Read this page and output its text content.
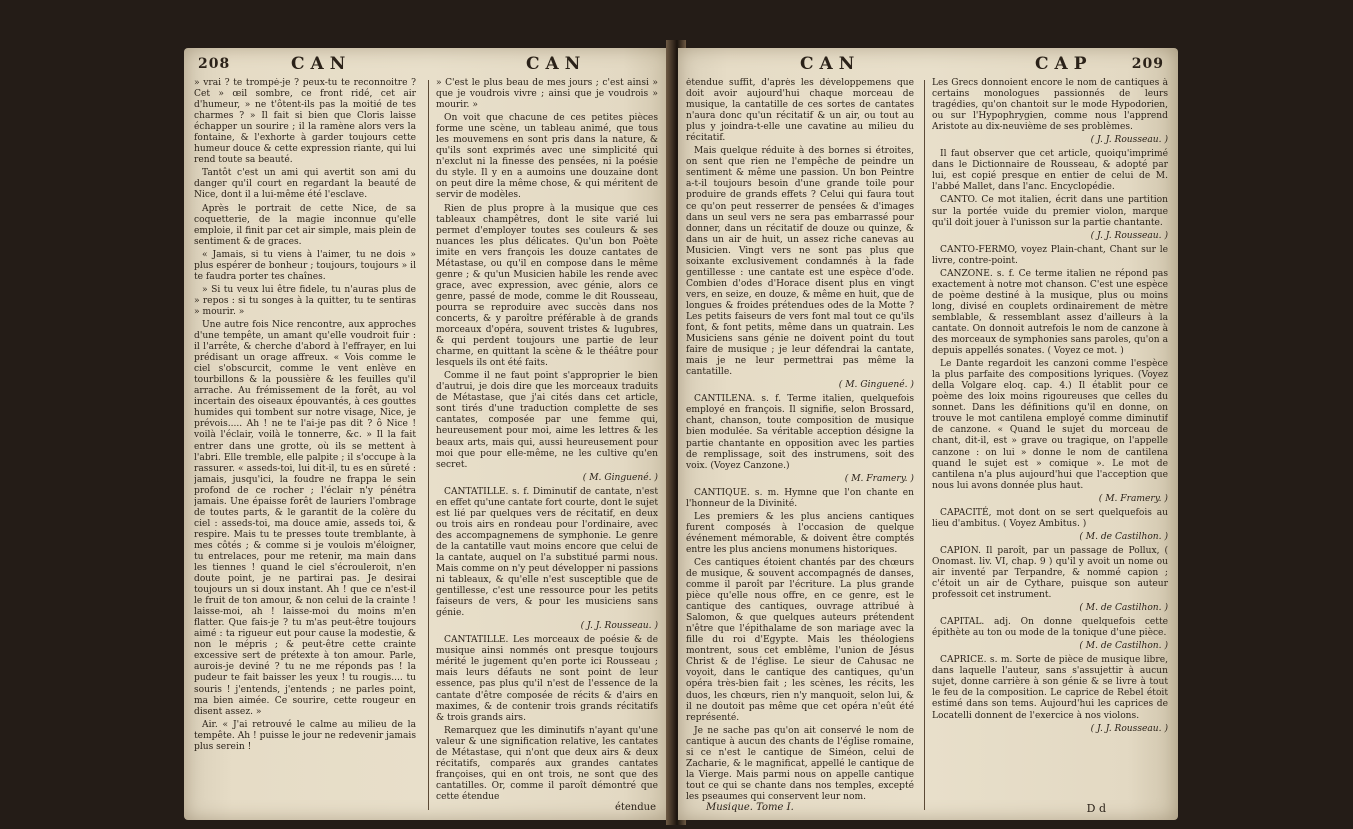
208	CAN	CAN

» vrai ? te trompé-je ? peux-tu te reconnoitre ? Cet » œil sombre, ce front ridé, cet air d'humeur, » ne t'ôtent-ils pas la moitié de tes charmes ? » Il fait si bien que Cloris laisse échapper un sourire ; il la ramène alors vers la fontaine, & l'exhorte à garder toujours cette humeur douce & cette expression riante, qui lui rend toute sa beauté.

Tantôt c'est un ami qui avertit son ami du danger qu'il court en regardant la beauté de Nice, dont il a lui-même été l'esclave.

Après le portrait de cette Nice, de sa coquetterie, de la magie inconnue qu'elle emploie, il finit par cet air simple, mais plein de sentiment & de graces.

« Jamais, si tu viens à l'aimer, tu ne dois » plus espérer de bonheur ; toujours, toujours » il te faudra porter tes chaînes.

» Si tu veux lui être fidele, tu n'auras plus de » repos : si tu songes à la quitter, tu te sentiras » mourir. »

Une autre fois Nice rencontre, aux approches d'une tempête, un amant qu'elle voudroit fuir : il l'arrête, & cherche d'abord à l'effrayer, en lui prédisant un orage affreux. « Vois comme le ciel s'obscurcit, comme le vent enlève en tourbillons & la poussière & les feuilles qu'il arrache. Au frémissement de la forêt, au vol incertain des oiseaux épouvantés, à ces gouttes humides qui tombent sur notre visage, Nice, je prévois..... Ah ! ne te l'ai-je pas dit ? ô Nice ! voilà l'éclair, voilà le tonnerre, &c. » Il la fait entrer dans une grotte, où ils se mettent à l'abri. Elle tremble, elle palpite ; il s'occupe à la rassurer. « asseds-toi, lui dit-il, tu es en sûreté : jamais, jusqu'ici, la foudre ne frappa le sein profond de ce rocher ; l'éclair n'y pénétra jamais. Une épaisse forêt de lauriers l'ombrage de toutes parts, & le garantit de la colère du ciel : asseds-toi, ma douce amie, asseds toi, & respire. Mais tu te presses toute tremblante, à mes côtés ; & comme si je voulois m'éloigner, tu entrelaces, pour me retenir, ma main dans les tiennes ! quand le ciel s'écrouleroit, n'en doute point, je ne partirai pas. Je desirai toujours un si doux instant. Ah ! que ce n'est-il le fruit de ton amour, & non celui de la crainte ! laisse-moi, ah ! laisse-moi du moins m'en flatter. Que fais-je ? tu m'as peut-être toujours aimé : ta rigueur eut pour cause la modestie, & non le mépris ; & peut-être cette crainte excessive sert de prétexte à ton amour. Parle, aurois-je deviné ? tu ne me réponds pas ! la pudeur te fait baisser les yeux ! tu rougis.... tu souris ! j'entends, j'entends ; ne parles point, ma bien aimée. Ce sourire, cette rougeur en disent assez. »

Air. « J'ai retrouvé le calme au milieu de la tempête. Ah ! puisse le jour ne redevenir jamais plus serein !

» C'est le plus beau de mes jours ; c'est ainsi » que je voudrois vivre ; ainsi que je voudrois » mourir. »

On voit que chacune de ces petites pièces forme une scène, un tableau animé, que tous les mouvemens en sont pris dans la nature, & qu'ils sont exprimés avec une simplicité qui n'exclut ni la finesse des pensées, ni la poésie du style. Il y en a aumoins une douzaine dont on peut dire la même chose, & qui méritent de servir de modèles.

Rien de plus propre à la musique que ces tableaux champêtres, dont le site varié lui permet d'employer toutes ses couleurs & ses nuances les plus délicates. Qu'un bon Poète imite en vers françois les douze cantates de Métastase, ou qu'il en compose dans le même genre ; & qu'un Musicien habile les rende avec grace, avec expression, avec génie, alors ce genre, passé de mode, comme le dit Rousseau, pourra se reproduire avec succès dans nos concerts, & y paroître préférable à de grands morceaux d'opéra, souvent tristes & lugubres, & qui perdent toujours une partie de leur charme, en quittant la scène & le théâtre pour lesquels ils ont été faits.

Comme il ne faut point s'approprier le bien d'autrui, je dois dire que les morceaux traduits de Métastase, que j'ai cités dans cet article, sont tirés d'une traduction complette de ses cantates, composée par une femme qui, heureusement pour moi, aime les lettres & les beaux arts, mais qui, aussi heureusement pour moi que pour elle-même, ne les cultive qu'en secret.

( M. Ginguené. )

CANTATILLE. s. f. Diminutif de cantate, n'est en effet qu'une cantate fort courte, dont le sujet est lié par quelques vers de récitatif, en deux ou trois airs en rondeau pour l'ordinaire, avec des accompagnemens de symphonie. Le genre de la cantatille vaut moins encore que celui de la cantate, auquel on l'a substitué parmi nous. Mais comme on n'y peut développer ni passions ni tableaux, & qu'elle n'est susceptible que de gentillesse, c'est une ressource pour les petits faiseurs de vers, & pour les musiciens sans génie.

( J. J. Rousseau. )

CANTATILLE. Les morceaux de poésie & de musique ainsi nommés ont presque toujours mérité le jugement qu'en porte ici Rousseau ; mais leurs défauts ne sont point de leur essence, pas plus qu'il n'est de l'essence de la cantate d'être composée de récits & d'airs en maximes, & de contenir trois grands récitatifs & trois grands airs.

Remarquez que les diminutifs n'ayant qu'une valeur & une signification relative, les cantates de Métastase, qui n'ont que deux airs & deux récitatifs, comparés aux grandes cantates françoises, qui en ont trois, ne sont que des cantatilles. Or, comme il paroît démontré que cette étendue

étendue
CAN	CAP	209

étendue suffit, d'après les développemens que doit avoir aujourd'hui chaque morceau de musique, la cantatille de ces sortes de cantates n'aura donc qu'un récitatif & un air, ou tout au plus y joindra-t-elle une cavatine au milieu du récitatif.

Mais quelque réduite à des bornes si étroites, on sent que rien ne l'empêche de peindre un sentiment & même une passion. Un bon Peintre a-t-il toujours besoin d'une grande toile pour produire de grands effets ? Celui qui faura tout ce qu'on peut resserrer de pensées & d'images dans un seul vers ne sera pas embarrassé pour donner, dans un récitatif de douze ou quinze, & dans un air de huit, un assez riche canevas au Musicien. Vingt vers ne sont pas plus que soixante exclusivement condamnés à la fade gentillesse : une cantate est une espèce d'ode. Combien d'odes d'Horace disent plus en vingt vers, en seize, en douze, & même en huit, que de longues & froides prétendues odes de la Motte ? Les petits faiseurs de vers font mal tout ce qu'ils font, & font petits, même dans un quatrain. Les Musiciens sans génie ne doivent point du tout faire de musique ; je leur défendrai la cantate, mais je ne leur permettrai pas même la cantatille.

( M. Ginguené. )

CANTILENA. s. f. Terme italien, quelquefois employé en françois. Il signifie, selon Brossard, chant, chanson, toute composition de musique bien modulée. Sa véritable acception désigne la partie chantante en opposition avec les parties de remplissage, soit des instrumens, soit des voix. (Voyez Canzone.)

( M. Framery. )

CANTIQUE. s. m. Hymne que l'on chante en l'honneur de la Divinité.

Les premiers & les plus anciens cantiques furent composés à l'occasion de quelque événement mémorable, & doivent être comptés entre les plus anciens monumens historiques.

Ces cantiques étoient chantés par des chœurs de musique, & souvent accompagnés de danses, comme il paroît par l'écriture. La plus grande pièce qu'elle nous offre, en ce genre, est le cantique des cantiques, ouvrage attribué à Salomon, & que quelques auteurs prétendent n'être que l'épithalame de son mariage avec la fille du roi d'Egypte. Mais les théologiens montrent, sous cet emblême, l'union de Jésus Christ & de l'église. Le sieur de Cahusac ne voyoit, dans le cantique des cantiques, qu'un opéra très-bien fait ; les scènes, les récits, les duos, les chœurs, rien n'y manquoit, selon lui, & il ne doutoit pas même que cet opéra n'eût été représenté.

Je ne sache pas qu'on ait conservé le nom de cantique à aucun des chants de l'église romaine, si ce n'est le cantique de Siméon, celui de Zacharie, & le magnificat, appellé le cantique de la Vierge. Mais parmi nous on appelle cantique tout ce qui se chante dans nos temples, excepté les pseaumes qui conservent leur nom.

Les Grecs donnoient encore le nom de cantiques à certains monologues passionnés de leurs tragédies, qu'on chantoit sur le mode Hypodorien, ou sur l'Hypophrygien, comme nous l'apprend Aristote au dix-neuvième de ses problèmes.

( J. J. Rousseau. )

Il faut observer que cet article, quoiqu'imprimé dans le Dictionnaire de Rousseau, & adopté par lui, est copié presque en entier de celui de M. l'abbé Mallet, dans l'anc. Encyclopédie.

CANTO. Ce mot italien, écrit dans une partition sur la portée vuide du premier violon, marque qu'il doit jouer à l'unisson sur la partie chantante.

( J. J. Rousseau. )

CANTO-FERMO, voyez Plain-chant, Chant sur le livre, contre-point.

CANZONE. s. f. Ce terme italien ne répond pas exactement à notre mot chanson. C'est une espèce de poème destiné à la musique, plus ou moins long, divisé en couplets ordinairement de mètre semblable, & ressemblant assez d'ailleurs à la cantate. On donnoit autrefois le nom de canzone à des morceaux de symphonies sans paroles, qu'on a depuis appellés sonates. ( Voyez ce mot. )

Le Dante regardoit les canzoni comme l'espèce la plus parfaite des compositions lyriques. (Voyez della Volgare eloq. cap. 4.) Il établit pour ce poème des loix moins rigoureuses que celles du sonnet. Dans les définitions qu'il en donne, on trouve le mot cantilena employé comme diminutif de canzone. « Quand le sujet du morceau de chant, dit-il, est » grave ou tragique, on l'appelle canzone : on lui » donne le nom de cantilena quand le sujet est » comique ». Le mot de cantilena n'a plus aujourd'hui que l'acception que nous lui avons donnée plus haut.

( M. Framery. )

CAPACITÉ, mot dont on se sert quelquefois au lieu d'ambitus. ( Voyez Ambitus. )

( M. de Castilhon. )

CAPION. Il paroît, par un passage de Pollux, ( Onomast. liv. VI, chap. 9 ) qu'il y avoit un nome ou air inventé par Terpandre, & nommé capion ; c'étoit un air de Cythare, puisque son auteur professoit cet instrument.

( M. de Castilhon. )

CAPITAL. adj. On donne quelquefois cette épithète au ton ou mode de la tonique d'une pièce.

( M. de Castilhon. )

CAPRICE. s. m. Sorte de pièce de musique libre, dans laquelle l'auteur, sans s'assujettir à aucun sujet, donne carrière à son génie & se livre à tout le feu de la composition. Le caprice de Rebel étoit estimé dans son tems. Aujourd'hui les caprices de Locatelli donnent de l'exercice à nos violons.

( J. J. Rousseau. )

Musique. Tome I.	D d
